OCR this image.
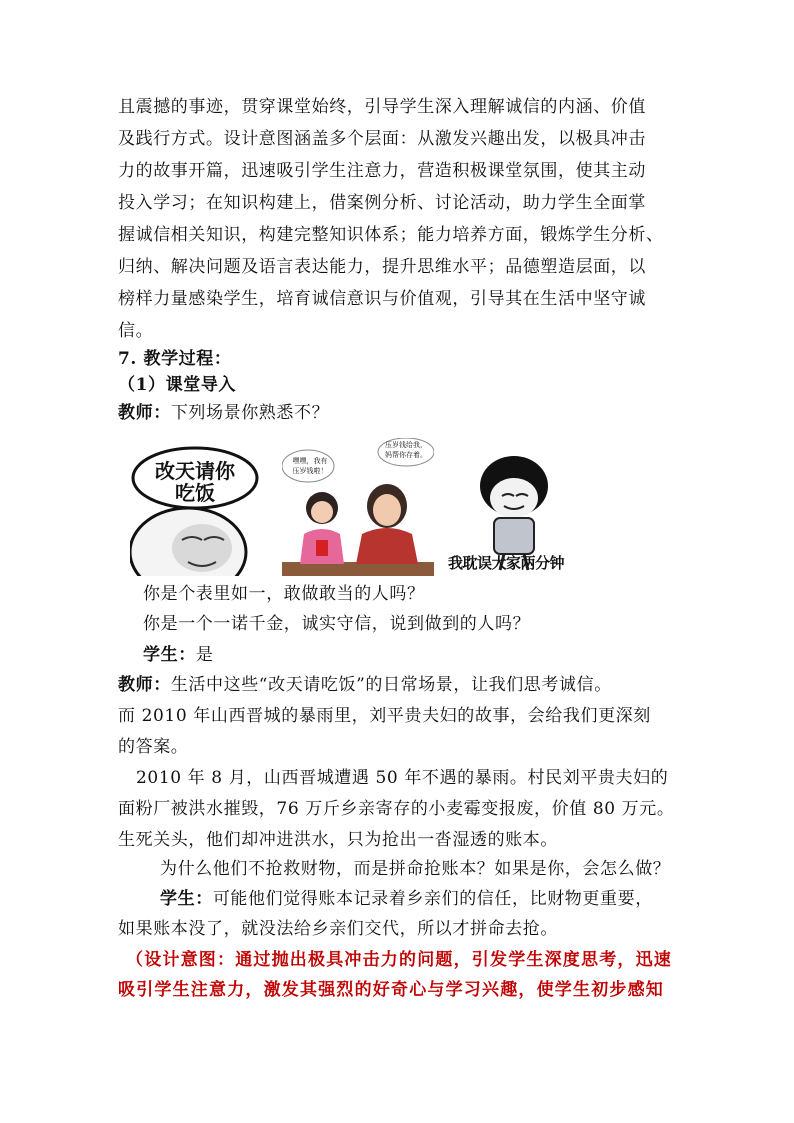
且震撼的事迹，贯穿课堂始终，引导学生深入理解诚信的内涵、价值
及践行方式。设计意图涵盖多个层面：从激发兴趣出发，以极具冲击
力的故事开篇，迅速吸引学生注意力，营造积极课堂氛围，使其主动
投入学习；在知识构建上，借案例分析、讨论活动，助力学生全面掌
握诚信相关知识，构建完整知识体系；能力培养方面，锻炼学生分析、
归纳、解决问题及语言表达能力，提升思维水平；品德塑造层面，以
榜样力量感染学生，培育诚信意识与价值观，引导其在生活中坚守诚
信。
7. 教学过程：
（1）课堂导入
教师：下列场景你熟悉不？
改天请你
吃饭
嘿嘿，我有
压岁钱啦！
压岁钱给我，
妈帮你存着。
我耽误大家两分钟
你是个表里如一，敢做敢当的人吗？
你是一个一诺千金，诚实守信，说到做到的人吗？
学生：是
教师：生活中这些“改天请吃饭”的日常场景，让我们思考诚信。
而 2010 年山西晋城的暴雨里，刘平贵夫妇的故事，会给我们更深刻
的答案。
2010 年 8 月，山西晋城遭遇 50 年不遇的暴雨。村民刘平贵夫妇的
面粉厂被洪水摧毁，76 万斤乡亲寄存的小麦霉变报废，价值 80 万元。
生死关头，他们却冲进洪水，只为抢出一沓湿透的账本。
为什么他们不抢救财物，而是拼命抢账本？如果是你，会怎么做？
学生：可能他们觉得账本记录着乡亲们的信任，比财物更重要，
如果账本没了，就没法给乡亲们交代，所以才拼命去抢。
（设计意图：通过抛出极具冲击力的问题，引发学生深度思考，迅速
吸引学生注意力，激发其强烈的好奇心与学习兴趣，使学生初步感知
